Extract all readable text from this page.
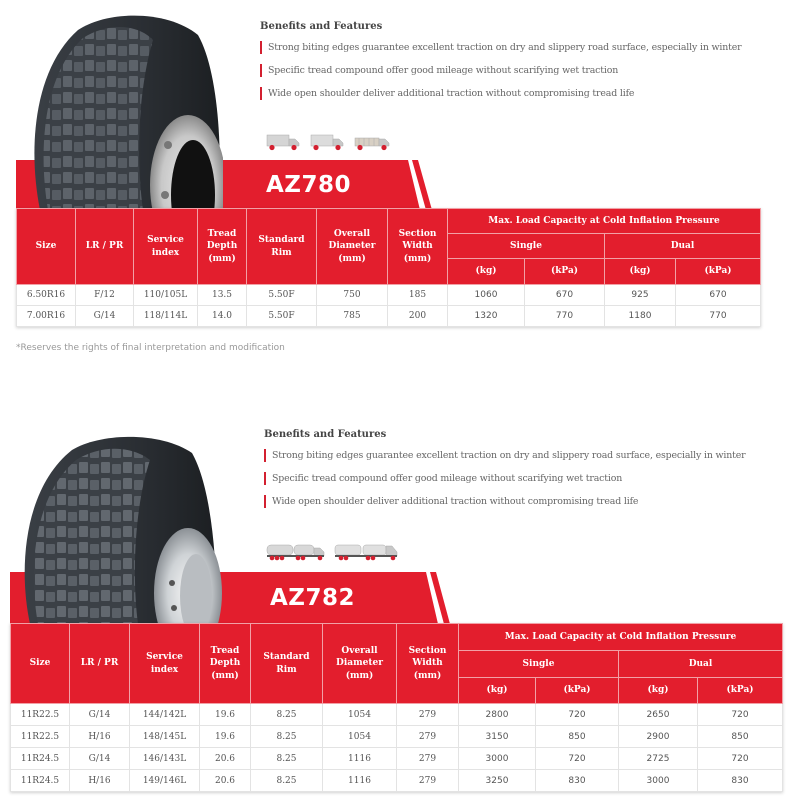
AZ780
Benefits and Features
Strong biting edges guarantee excellent traction on dry and slippery road surface, especially in winter
Specific tread compound offer good mileage without scarifying wet traction
Wide open shoulder deliver additional traction without compromising tread life
Size	LR / PR	Service index	Tread Depth (mm)	Standard Rim	Overall Diameter (mm)	Section Width (mm)	Max. Load Capacity at Cold Inflation Pressure			
							Single		Dual	
							(kg)	(kPa)	(kg)	(kPa)
6.50R16	F/12	110/105L	13.5	5.50F	750	185	1060	670	925	670
7.00R16	G/14	118/114L	14.0	5.50F	785	200	1320	770	1180	770
*Reserves the rights of final interpretation and modification
AZ782
Benefits and Features
Strong biting edges guarantee excellent traction on dry and slippery road surface, especially in winter
Specific tread compound offer good mileage without scarifying wet traction
Wide open shoulder deliver additional traction without compromising tread life
Size	LR / PR	Service index	Tread Depth (mm)	Standard Rim	Overall Diameter (mm)	Section Width (mm)	Max. Load Capacity at Cold Inflation Pressure			
							Single		Dual	
							(kg)	(kPa)	(kg)	(kPa)
11R22.5	G/14	144/142L	19.6	8.25	1054	279	2800	720	2650	720
11R22.5	H/16	148/145L	19.6	8.25	1054	279	3150	850	2900	850
11R24.5	G/14	146/143L	20.6	8.25	1116	279	3000	720	2725	720
11R24.5	H/16	149/146L	20.6	8.25	1116	279	3250	830	3000	830
